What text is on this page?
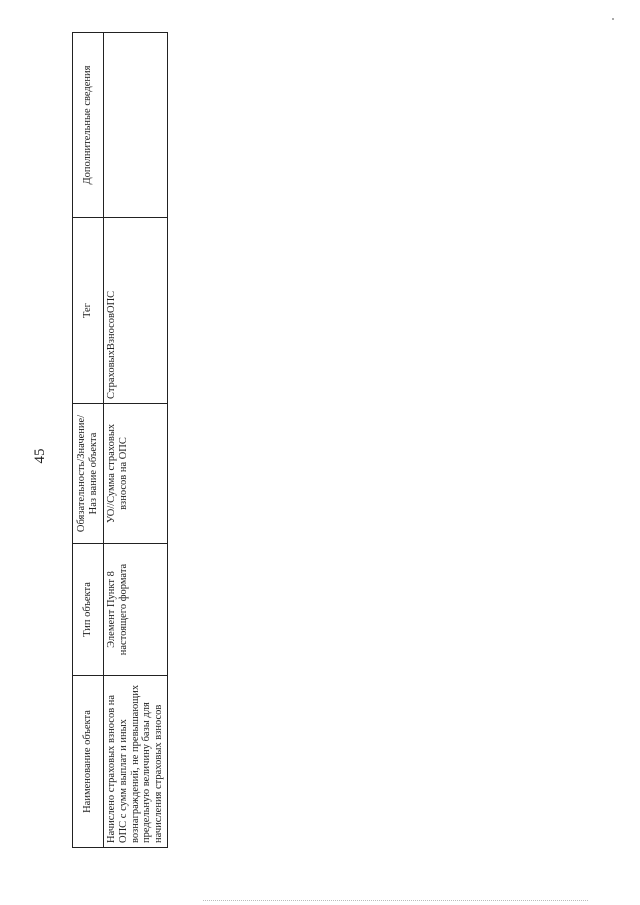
45
Наименование объекта	Тип объекта	Обязательность/Значение/Наз вание объекта	Тег	Дополнительные сведения
Начислено страховых взносов на ОПС с сумм выплат и иных вознаграждений, не превышающих предельную величину базы для начисления страховых взносов	Элемент Пункт 8 настоящего формата	УО//Сумма страховых взносов на ОПС	СтраховыхВзносовОПС	
